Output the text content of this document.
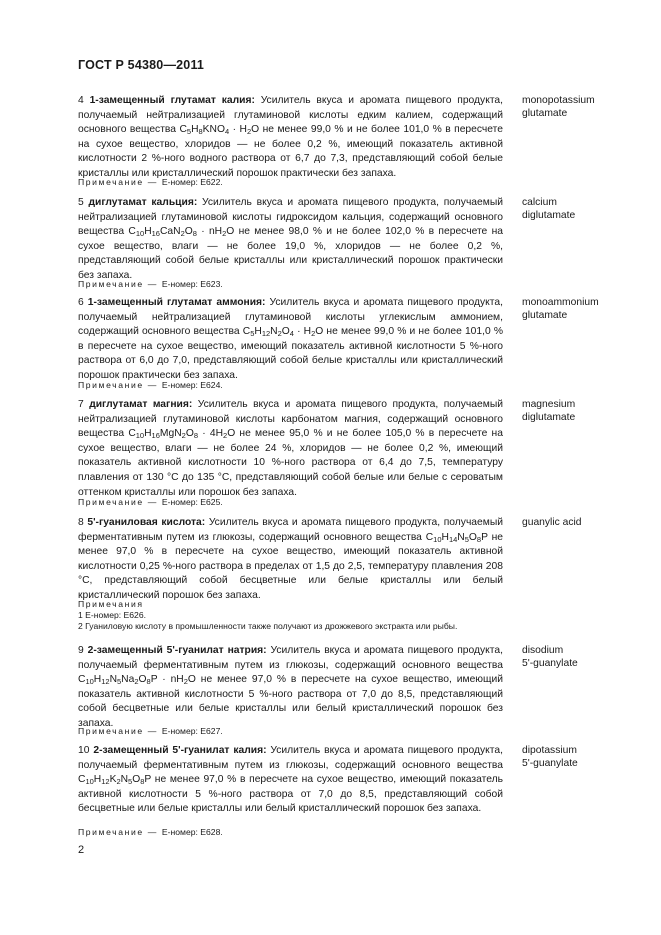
ГОСТ Р 54380—2011
4 1-замещенный глутамат калия: Усилитель вкуса и аромата пищевого продукта, получаемый нейтрализацией глутаминовой кислоты едким калием, содержащий основного вещества $C_5H_8KNO_4 \cdot H_2O$ не менее 99,0 % и не более 101,0 % в пересчете на сухое вещество, хлоридов — не более 0,2 %, имеющий показатель активной кислотности 2 %-ного водного раствора от 6,7 до 7,3, представляющий собой белые кристаллы или кристаллический порошок практически без запаха.
monopotassium
glutamate
Примечание — Е-номер: Е622.
5 диглутамат кальция: Усилитель вкуса и аромата пищевого продукта, получаемый нейтрализацией глутаминовой кислоты гидроксидом кальция, содержащий основного вещества $C_{10}H_{16}CaN_2O_8 \cdot nH_2O$ не менее 98,0 % и не более 102,0 % в пересчете на сухое вещество, влаги — не более 19,0 %, хлоридов — не более 0,2 %, представляющий собой белые кристаллы или кристаллический порошок практически без запаха.
calcium
diglutamate
Примечание — Е-номер: Е623.
6 1-замещенный глутамат аммония: Усилитель вкуса и аромата пищевого продукта, получаемый нейтрализацией глутаминовой кислоты углекислым аммонием, содержащий основного вещества $C_5H_{12}N_2O_4 \cdot H_2O$ не менее 99,0 % и не более 101,0 % в пересчете на сухое вещество, имеющий показатель активной кислотности 5 %-ного раствора от 6,0 до 7,0, представляющий собой белые кристаллы или кристаллический порошок практически без запаха.
monoammonium
glutamate
Примечание — Е-номер: Е624.
7 диглутамат магния: Усилитель вкуса и аромата пищевого продукта, получаемый нейтрализацией глутаминовой кислоты карбонатом магния, содержащий основного вещества $C_{10}H_{16}MgN_2O_8 \cdot 4H_2O$ не менее 95,0 % и не более 105,0 % в пересчете на сухое вещество, влаги — не более 24 %, хлоридов — не более 0,2 %, имеющий показатель активной кислотности 10 %-ного раствора от 6,4 до 7,5, температуру плавления от 130 °С до 135 °С, представляющий собой белые или белые с сероватым оттенком кристаллы или порошок без запаха.
magnesium
diglutamate
Примечание — Е-номер: Е625.
8 5'-гуаниловая кислота: Усилитель вкуса и аромата пищевого продукта, получаемый ферментативным путем из глюкозы, содержащий основного вещества $C_{10}H_{14}N_5O_8P$ не менее 97,0 % в пересчете на сухое вещество, имеющий показатель активной кислотности 0,25 %-ного раствора в пределах от 1,5 до 2,5, температуру плавления 208 °С, представляющий собой бесцветные или белые кристаллы или белый кристаллический порошок без запаха.
guanylic acid
Примечания
1 Е-номер: Е626.
2 Гуаниловую кислоту в промышленности также получают из дрожжевого экстракта или рыбы.
9 2-замещенный 5'-гуанилат натрия: Усилитель вкуса и аромата пищевого продукта, получаемый ферментативным путем из глюкозы, содержащий основного вещества $C_{10}H_{12}N_5Na_2O_8P \cdot nH_2O$ не менее 97,0 % в пересчете на сухое вещество, имеющий показатель активной кислотности 5 %-ного раствора от 7,0 до 8,5, представляющий собой бесцветные или белые кристаллы или белый кристаллический порошок без запаха.
disodium
5'-guanylate
Примечание — Е-номер: Е627.
10 2-замещенный 5'-гуанилат калия: Усилитель вкуса и аромата пищевого продукта, получаемый ферментативным путем из глюкозы, содержащий основного вещества $C_{10}H_{12}K_2N_5O_8P$ не менее 97,0 % в пересчете на сухое вещество, имеющий показатель активной кислотности 5 %-ного раствора от 7,0 до 8,5, представляющий собой бесцветные или белые кристаллы или белый кристаллический порошок без запаха.
dipotassium
5'-guanylate
Примечание — Е-номер: Е628.
2
